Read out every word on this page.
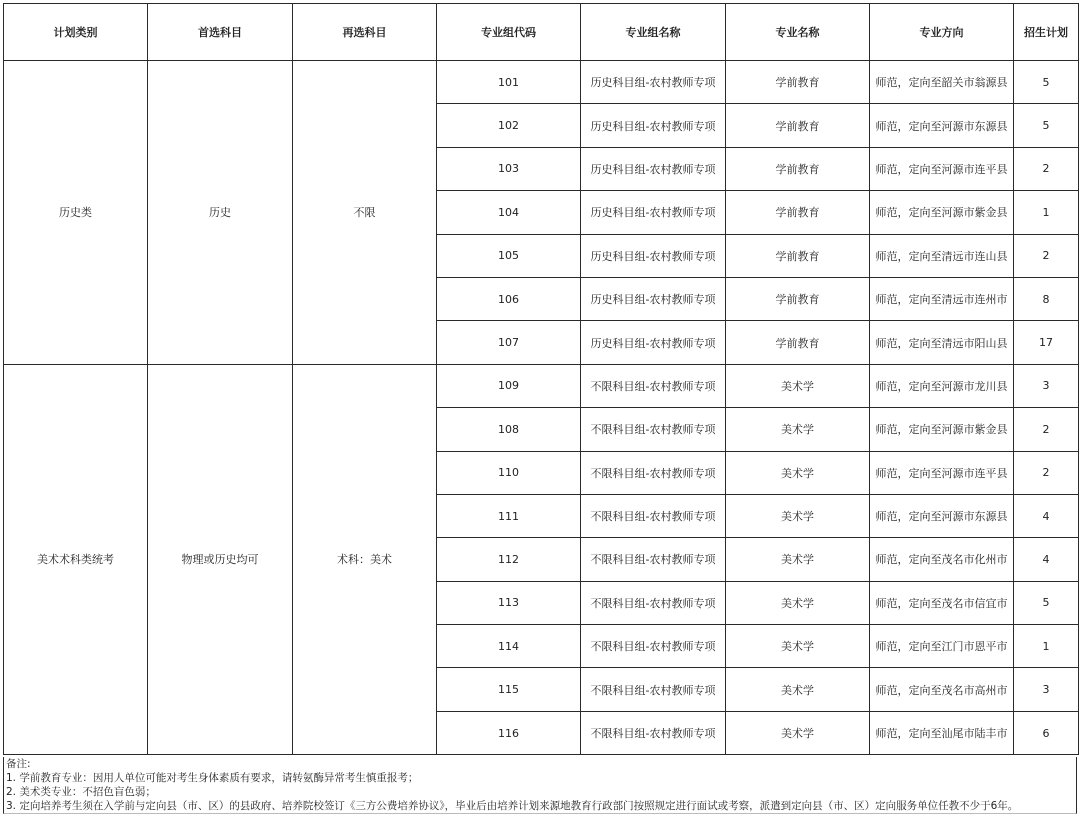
计划类别	首选科目	再选科目	专业组代码	专业组名称	专业名称	专业方向	招生计划
历史类	历史	不限	101	历史科目组-农村教师专项	学前教育	师范，定向至韶关市翁源县	5
			102	历史科目组-农村教师专项	学前教育	师范，定向至河源市东源县	5
			103	历史科目组-农村教师专项	学前教育	师范，定向至河源市连平县	2
			104	历史科目组-农村教师专项	学前教育	师范，定向至河源市紫金县	1
			105	历史科目组-农村教师专项	学前教育	师范，定向至清远市连山县	2
			106	历史科目组-农村教师专项	学前教育	师范，定向至清远市连州市	8
			107	历史科目组-农村教师专项	学前教育	师范，定向至清远市阳山县	17
美术术科类统考	物理或历史均可	术科：美术	109	不限科目组-农村教师专项	美术学	师范，定向至河源市龙川县	3
			108	不限科目组-农村教师专项	美术学	师范，定向至河源市紫金县	2
			110	不限科目组-农村教师专项	美术学	师范，定向至河源市连平县	2
			111	不限科目组-农村教师专项	美术学	师范，定向至河源市东源县	4
			112	不限科目组-农村教师专项	美术学	师范，定向至茂名市化州市	4
			113	不限科目组-农村教师专项	美术学	师范，定向至茂名市信宜市	5
			114	不限科目组-农村教师专项	美术学	师范，定向至江门市恩平市	1
			115	不限科目组-农村教师专项	美术学	师范，定向至茂名市高州市	3
			116	不限科目组-农村教师专项	美术学	师范，定向至汕尾市陆丰市	6
备注:
1. 学前教育专业：因用人单位可能对考生身体素质有要求，请转氨酶异常考生慎重报考；
2. 美术类专业：不招色盲色弱；
3. 定向培养考生须在入学前与定向县（市、区）的县政府、培养院校签订《三方公费培养协议》，毕业后由培养计划来源地教育行政部门按照规定进行面试或考察，派遣到定向县（市、区）定向服务单位任教不少于6年。
